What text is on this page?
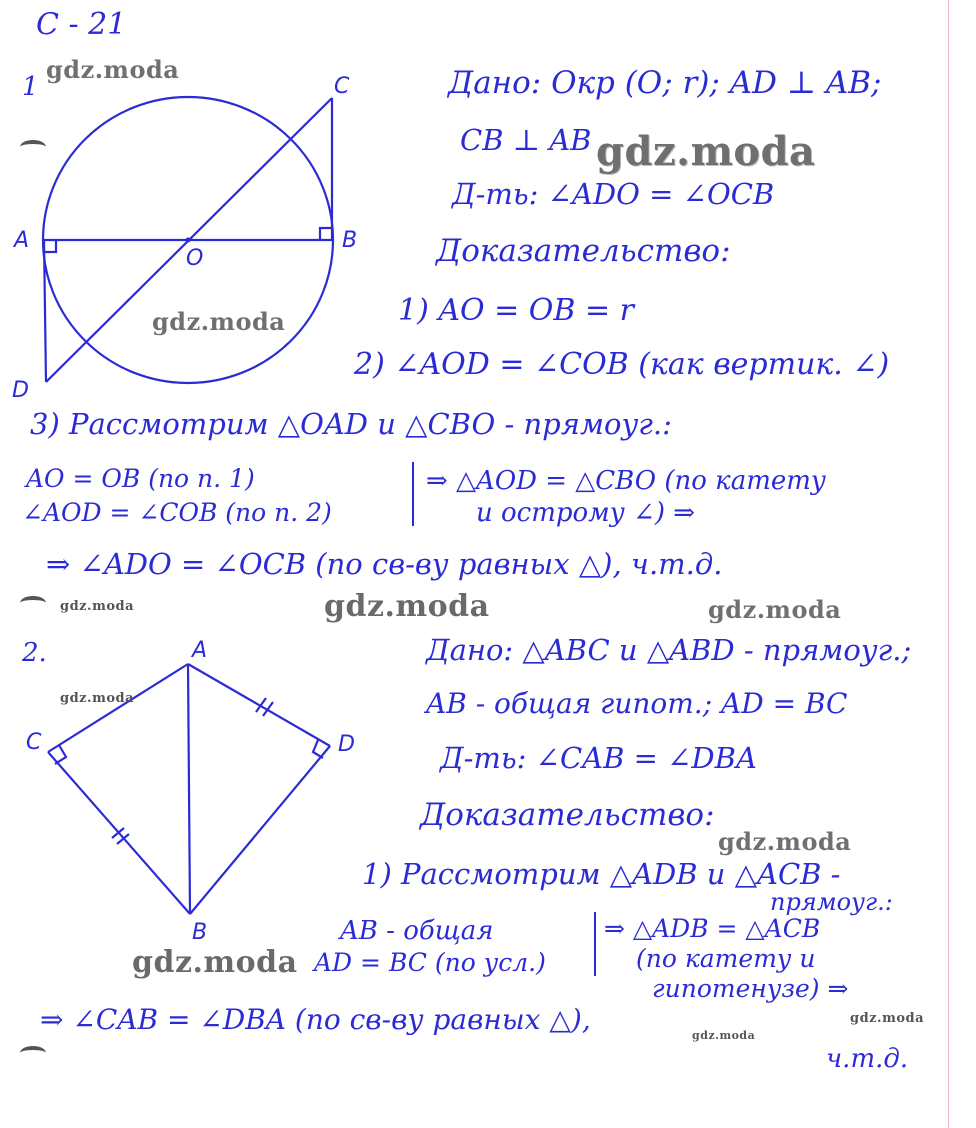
С - 21
1	C
A	B
O
D
Дано: Окр (O; r); AD ⊥ AB;
CB ⊥ AB
Д-ть: ∠ADO = ∠OCB
Доказательство:
1) AO = OB = r
2) ∠AOD = ∠COB (как вертик. ∠)
3) Рассмотрим △OAD и △CBO - прямоуг.:
AO = OB (по п. 1)
∠AOD = ∠COB (по п. 2)
⇒ △AOD = △CBO (по катету
и острому ∠) ⇒
⇒ ∠ADO = ∠OCB (по св-ву равных △), ч.т.д.
2.	A
C	D
B
Дано: △ABC и △ABD - прямоуг.;
AB - общая гипот.; AD = BC
Д-ть: ∠CAB = ∠DBA
Доказательство:
1) Рассмотрим △ADB и △ACB -
прямоуг.:
AB - общая
AD = BC (по усл.)
⇒ △ADB = △ACB
(по катету и
гипотенузе) ⇒
⇒ ∠CAB = ∠DBA (по св-ву равных △),
ч.т.д.
gdz.moda
gdz.moda
gdz.moda
gdz.moda	gdz.moda	gdz.moda
gdz.moda
gdz.moda
gdz.moda
gdz.moda
gdz.moda
